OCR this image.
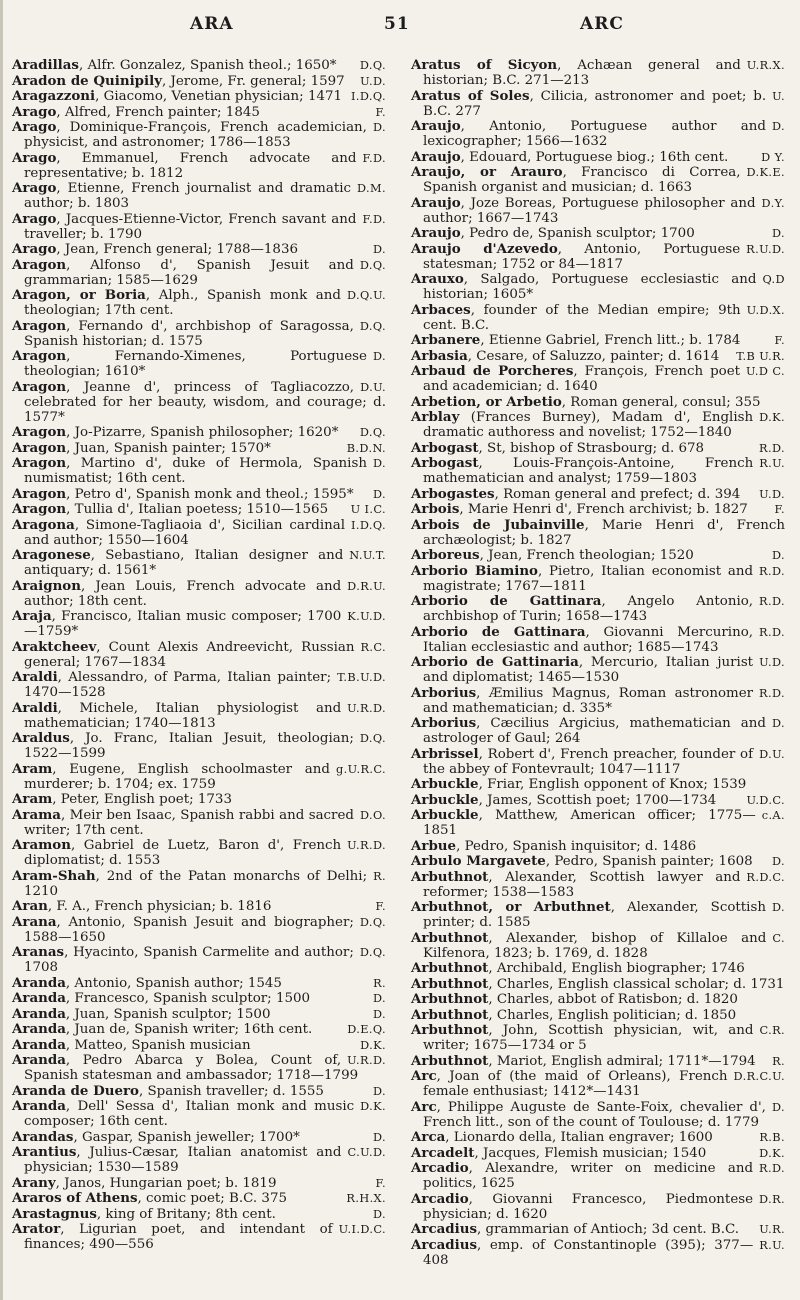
ARA	51	ARC

D.Q.
Aradillas, Alfr. Gonzalez, Spanish theol.; 1650*

U.D.
Aradon de Quinipily, Jerome, Fr. general; 1597

I.D.Q.
Aragazzoni, Giacomo, Venetian physician; 1471

F.
Arago, Alfred, French painter; 1845

D.
Arago, Dominique-François, French academician, physicist, and astronomer; 1786—1853

F.D.
Arago, Emmanuel, French advocate and representative; b. 1812

D.M.
Arago, Etienne, French journalist and dramatic author; b. 1803

F.D.
Arago, Jacques-Etienne-Victor, French savant and traveller; b. 1790

D.
Arago, Jean, French general; 1788—1836

D.Q.
Aragon, Alfonso d', Spanish Jesuit and grammarian; 1585—1629

D.Q.U.
Aragon, or Boria, Alph., Spanish monk and theologian; 17th cent.

D.Q.
Aragon, Fernando d', archbishop of Saragossa, Spanish historian; d. 1575

D.
Aragon, Fernando-Ximenes, Portuguese theologian; 1610*

D.U.
Aragon, Jeanne d', princess of Tagliacozzo, celebrated for her beauty, wisdom, and courage; d. 1577*

D.Q.
Aragon, Jo-Pizarre, Spanish philosopher; 1620*

B.D.N.
Aragon, Juan, Spanish painter; 1570*

D.
Aragon, Martino d', duke of Hermola, Spanish numismatist; 16th cent.

D.
Aragon, Petro d', Spanish monk and theol.; 1595*

U I.C.
Aragon, Tullia d', Italian poetess; 1510—1565

I.D.Q.
Aragona, Simone-Tagliaoia d', Sicilian cardinal and author; 1550—1604

N.U.T.
Aragonese, Sebastiano, Italian designer and antiquary; d. 1561*

D.R.U.
Araignon, Jean Louis, French advocate and author; 18th cent.

K.U.D.
Araja, Francisco, Italian music composer; 1700—1759*

R.C.
Araktcheev, Count Alexis Andreevicht, Russian general; 1767—1834

T.B.U.D.
Araldi, Alessandro, of Parma, Italian painter; 1470—1528

U.R.D.
Araldi, Michele, Italian physiologist and mathematician; 1740—1813

D.Q.
Araldus, Jo. Franc, Italian Jesuit, theologian; 1522—1599

g.U.R.C.
Aram, Eugene, English schoolmaster and murderer; b. 1704; ex. 1759

Aram, Peter, English poet; 1733

D.O.
Arama, Meir ben Isaac, Spanish rabbi and sacred writer; 17th cent.

U.R.D.
Aramon, Gabriel de Luetz, Baron d', French diplomatist; d. 1553

R.
Aram-Shah, 2nd of the Patan monarchs of Delhi; 1210

F.
Aran, F. A., French physician; b. 1816

D.Q.
Arana, Antonio, Spanish Jesuit and biographer; 1588—1650

D.Q.
Aranas, Hyacinto, Spanish Carmelite and author; 1708

R.
Aranda, Antonio, Spanish author; 1545

D.
Aranda, Francesco, Spanish sculptor; 1500

D.
Aranda, Juan, Spanish sculptor; 1500

D.E.Q.
Aranda, Juan de, Spanish writer; 16th cent.

D.K.
Aranda, Matteo, Spanish musician

U.R.D.
Aranda, Pedro Abarca y Bolea, Count of, Spanish statesman and ambassador; 1718—1799

D.
Aranda de Duero, Spanish traveller; d. 1555

D.K.
Aranda, Dell' Sessa d', Italian monk and music composer; 16th cent.

D.
Arandas, Gaspar, Spanish jeweller; 1700*

C.U.D.
Arantius, Julius-Cæsar, Italian anatomist and physician; 1530—1589

F.
Arany, Janos, Hungarian poet; b. 1819

R.H.X.
Araros of Athens, comic poet; B.C. 375

D.
Arastagnus, king of Britany; 8th cent.

U.I.D.C.
Arator, Ligurian poet, and intendant of finances; 490—556

U.R.X.
Aratus of Sicyon, Achæan general and historian; B.C. 271—213

U.
Aratus of Soles, Cilicia, astronomer and poet; b. B.C. 277

D.
Araujo, Antonio, Portuguese author and lexicographer; 1566—1632

D Y.
Araujo, Edouard, Portuguese biog.; 16th cent.

D.K.E.
Araujo, or Arauro, Francisco di Correa, Spanish organist and musician; d. 1663

D.Y.
Araujo, Joze Boreas, Portuguese philosopher and author; 1667—1743

D.
Araujo, Pedro de, Spanish sculptor; 1700

R.U.D.
Araujo d'Azevedo, Antonio, Portuguese statesman; 1752 or 84—1817

Q.D
Arauxo, Salgado, Portuguese ecclesiastic and historian; 1605*

U.D.X.
Arbaces, founder of the Median empire; 9th cent. B.C.

F.
Arbanere, Etienne Gabriel, French litt.; b. 1784

T.B U.R.
Arbasia, Cesare, of Saluzzo, painter; d. 1614

U.D C.
Arbaud de Porcheres, François, French poet and academician; d. 1640

Arbetion, or Arbetio, Roman general, consul; 355

D.K.
Arblay (Frances Burney), Madam d', English dramatic authoress and novelist; 1752—1840

R.D.
Arbogast, St, bishop of Strasbourg; d. 678

R.U.
Arbogast, Louis-François-Antoine, French mathematician and analyst; 1759—1803

U.D.
Arbogastes, Roman general and prefect; d. 394

F.
Arbois, Marie Henri d', French archivist; b. 1827

Arbois de Jubainville, Marie Henri d', French archæologist; b. 1827

D.
Arboreus, Jean, French theologian; 1520

R.D.
Arborio Biamino, Pietro, Italian economist and magistrate; 1767—1811

R.D.
Arborio de Gattinara, Angelo Antonio, archbishop of Turin; 1658—1743

R.D.
Arborio de Gattinara, Giovanni Mercurino, Italian ecclesiastic and author; 1685—1743

U.D.
Arborio de Gattinaria, Mercurio, Italian jurist and diplomatist; 1465—1530

R.D.
Arborius, Æmilius Magnus, Roman astronomer and mathematician; d. 335*

D.
Arborius, Cæcilius Argicius, mathematician and astrologer of Gaul; 264

D.U.
Arbrissel, Robert d', French preacher, founder of the abbey of Fontevrault; 1047—1117

Arbuckle, Friar, English opponent of Knox; 1539

U.D.C.
Arbuckle, James, Scottish poet; 1700—1734

c.A.
Arbuckle, Matthew, American officer; 1775—1851

Arbue, Pedro, Spanish inquisitor; d. 1486

D.
Arbulo Margavete, Pedro, Spanish painter; 1608

R.D.C.
Arbuthnot, Alexander, Scottish lawyer and reformer; 1538—1583

D.
Arbuthnot, or Arbuthnet, Alexander, Scottish printer; d. 1585

C.
Arbuthnot, Alexander, bishop of Killaloe and Kilfenora, 1823; b. 1769, d. 1828

Arbuthnot, Archibald, English biographer; 1746

Arbuthnot, Charles, English classical scholar; d. 1731

Arbuthnot, Charles, abbot of Ratisbon; d. 1820

Arbuthnot, Charles, English politician; d. 1850

C.R.
Arbuthnot, John, Scottish physician, wit, and writer; 1675—1734 or 5

R.
Arbuthnot, Mariot, English admiral; 1711*—1794

D.R.C.U.
Arc, Joan of (the maid of Orleans), French female enthusiast; 1412*—1431

D.
Arc, Philippe Auguste de Sante-Foix, chevalier d', French litt., son of the count of Toulouse; d. 1779

R.B.
Arca, Lionardo della, Italian engraver; 1600

D.K.
Arcadelt, Jacques, Flemish musician; 1540

R.D.
Arcadio, Alexandre, writer on medicine and politics, 1625

D.R.
Arcadio, Giovanni Francesco, Piedmontese physician; d. 1620

U.R.
Arcadius, grammarian of Antioch; 3d cent. B.C.

R.U.
Arcadius, emp. of Constantinople (395); 377—408
